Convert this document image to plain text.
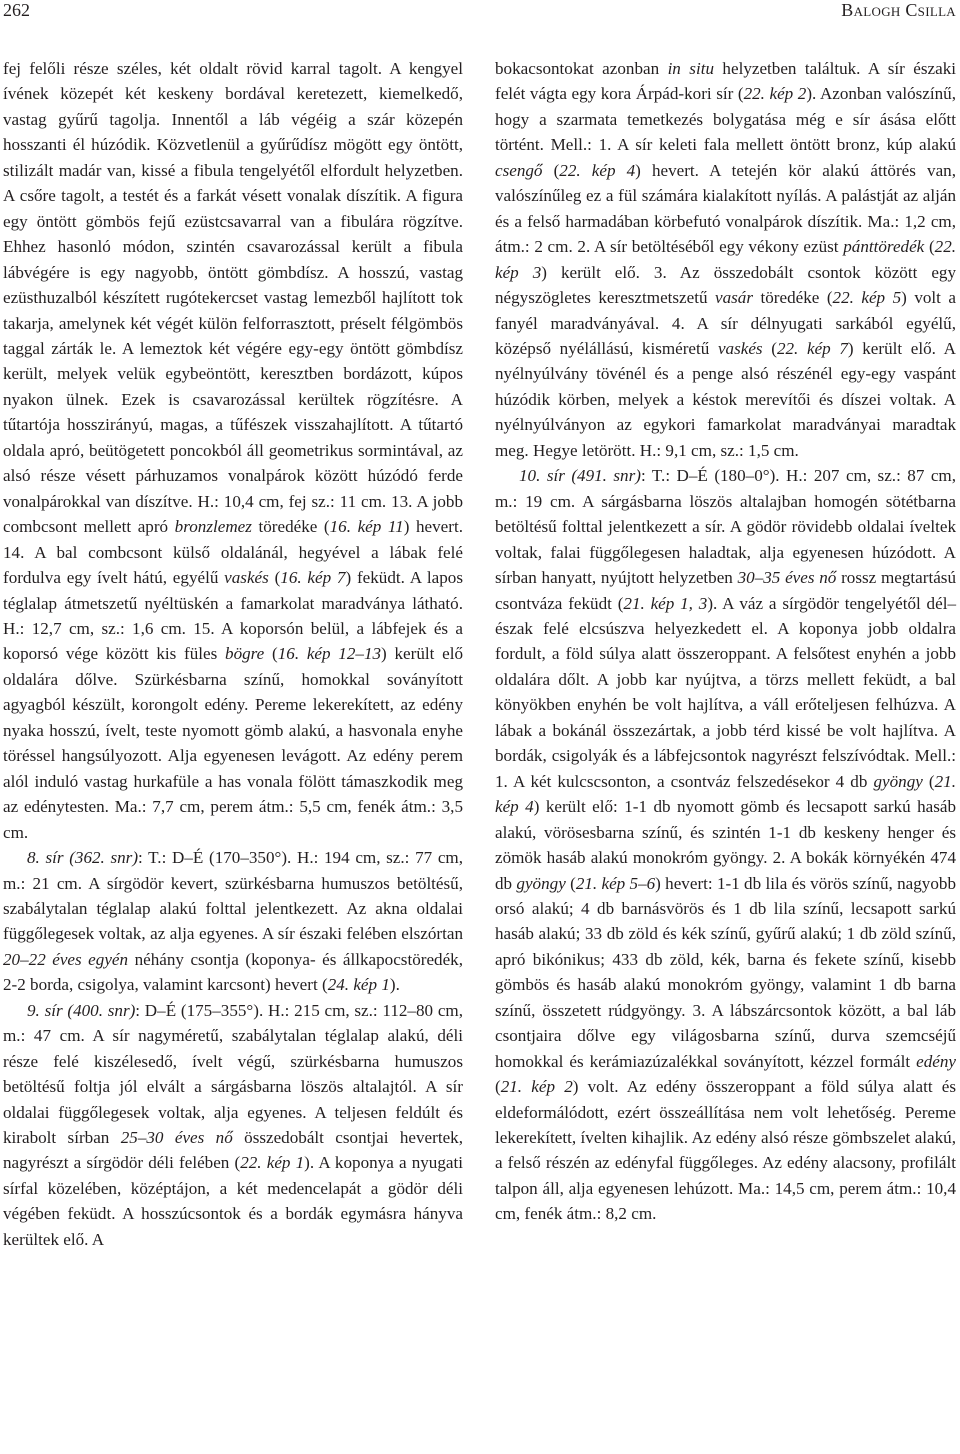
262	Balogh Csilla

fej felőli része széles, két oldalt rövid karral tagolt. A kengyel ívének közepét két keskeny bordával keretezett, kiemelkedő, vastag gyűrű tagolja. Innentől a láb végéig a szár közepén hosszanti él húzódik. Közvetlenül a gyűrűdísz mögött egy öntött, stilizált madár van, kissé a fibula tengelyétől elfordult helyzetben. A csőre tagolt, a testét és a farkát vésett vonalak díszítik. A figura egy öntött gömbös fejű ezüstcsavarral van a fibulára rögzítve. Ehhez hasonló módon, szintén csavarozással került a fibula lábvégére is egy nagyobb, öntött gömbdísz. A hosszú, vastag ezüsthuzalból készített rugótekercset vastag lemezből hajlított tok takarja, amelynek két végét külön felforrasztott, préselt félgömbös taggal zárták le. A lemeztok két végére egy-egy öntött gömbdísz került, melyek velük egybeöntött, keresztben bordázott, kúpos nyakon ülnek. Ezek is csavarozással kerültek rögzítésre. A tűtartója hosszirányú, magas, a tűfészek visszahajlított. A tűtartó oldala apró, beütögetett poncokból áll geometrikus sormintával, az alsó része vésett párhuzamos vonalpárok között húzódó ferde vonalpárokkal van díszítve. H.: 10,4 cm, fej sz.: 11 cm. 13. A jobb combcsont mellett apró bronzlemez töredéke (16. kép 11) hevert. 14. A bal combcsont külső oldalánál, hegyével a lábak felé fordulva egy ívelt hátú, egyélű vaskés (16. kép 7) feküdt. A lapos téglalap átmetszetű nyéltüskén a famarkolat maradványa látható. H.: 12,7 cm, sz.: 1,6 cm. 15. A koporsón belül, a lábfejek és a koporsó vége között kis füles bögre (16. kép 12–13) került elő oldalára dőlve. Szürkésbarna színű, homokkal soványított agyagból készült, korongolt edény. Pereme lekerekített, az edény nyaka hosszú, ívelt, teste nyomott gömb alakú, a hasvonala enyhe töréssel hangsúlyozott. Alja egyenesen levágott. Az edény perem alól induló vastag hurkafüle a has vonala fölött támaszkodik meg az edénytesten. Ma.: 7,7 cm, perem átm.: 5,5 cm, fenék átm.: 3,5 cm.

8. sír (362. snr): T.: D–É (170–350°). H.: 194 cm, sz.: 77 cm, m.: 21 cm. A sírgödör kevert, szürkésbarna humuszos betöltésű, szabálytalan téglalap alakú folttal jelentkezett. Az akna oldalai függőlegesek voltak, az alja egyenes. A sír északi felében elszórtan 20–22 éves egyén néhány csontja (koponya- és állkapocstöredék, 2-2 borda, csigolya, valamint karcsont) hevert (24. kép 1).

9. sír (400. snr): D–É (175–355°). H.: 215 cm, sz.: 112–80 cm, m.: 47 cm. A sír nagyméretű, szabálytalan téglalap alakú, déli része felé kiszélesedő, ívelt végű, szürkésbarna humuszos betöltésű foltja jól elvált a sárgásbarna löszös altalajtól. A sír oldalai függőlegesek voltak, alja egyenes. A teljesen feldúlt és kirabolt sírban 25–30 éves nő összedobált csontjai hevertek, nagyrészt a sírgödör déli felében (22. kép 1). A koponya a nyugati sírfal közelében, középtájon, a két medencelapát a gödör déli végében feküdt. A hosszúcsontok és a bordák egymásra hányva kerültek elő. A

bokacsontokat azonban in situ helyzetben találtuk. A sír északi felét vágta egy kora Árpád-kori sír (22. kép 2). Azonban valószínű, hogy a szarmata temetkezés bolygatása még e sír ásása előtt történt. Mell.: 1. A sír keleti fala mellett öntött bronz, kúp alakú csengő (22. kép 4) hevert. A tetején kör alakú áttörés van, valószínűleg ez a fül számára kialakított nyílás. A palástját az alján és a felső harmadában körbefutó vonalpárok díszítik. Ma.: 1,2 cm, átm.: 2 cm. 2. A sír betöltéséből egy vékony ezüst pánttöredék (22. kép 3) került elő. 3. Az összedobált csontok között egy négyszögletes keresztmetszetű vasár töredéke (22. kép 5) volt a fanyél maradványával. 4. A sír délnyugati sarkából egyélű, középső nyélállású, kisméretű vaskés (22. kép 7) került elő. A nyélnyúlvány tövénél és a penge alsó részénél egy-egy vaspánt húzódik körben, melyek a késtok merevítői és díszei voltak. A nyélnyúlványon az egykori famarkolat maradványai maradtak meg. Hegye letörött. H.: 9,1 cm, sz.: 1,5 cm.

10. sír (491. snr): T.: D–É (180–0°). H.: 207 cm, sz.: 87 cm, m.: 19 cm. A sárgásbarna löszös altalajban homogén sötétbarna betöltésű folttal jelentkezett a sír. A gödör rövidebb oldalai íveltek voltak, falai függőlegesen haladtak, alja egyenesen húzódott. A sírban hanyatt, nyújtott helyzetben 30–35 éves nő rossz megtartású csontváza feküdt (21. kép 1, 3). A váz a sírgödör tengelyétől dél–észak felé elcsúszva helyezkedett el. A koponya jobb oldalra fordult, a föld súlya alatt összeroppant. A felsőtest enyhén a jobb oldalára dőlt. A jobb kar nyújtva, a törzs mellett feküdt, a bal könyökben enyhén be volt hajlítva, a váll erőteljesen felhúzva. A lábak a bokánál összezártak, a jobb térd kissé be volt hajlítva. A bordák, csigolyák és a lábfejcsontok nagyrészt felszívódtak. Mell.: 1. A két kulcscsonton, a csontváz felszedésekor 4 db gyöngy (21. kép 4) került elő: 1-1 db nyomott gömb és lecsapott sarkú hasáb alakú, vörösesbarna színű, és szintén 1-1 db keskeny henger és zömök hasáb alakú monokróm gyöngy. 2. A bokák környékén 474 db gyöngy (21. kép 5–6) hevert: 1-1 db lila és vörös színű, nagyobb orsó alakú; 4 db barnásvörös és 1 db lila színű, lecsapott sarkú hasáb alakú; 33 db zöld és kék színű, gyűrű alakú; 1 db zöld színű, apró bikónikus; 433 db zöld, kék, barna és fekete színű, kisebb gömbös és hasáb alakú monokróm gyöngy, valamint 1 db barna színű, összetett rúdgyöngy. 3. A lábszárcsontok között, a bal láb csontjaira dőlve egy világosbarna színű, durva szemcséjű homokkal és kerámiazúzalékkal soványított, kézzel formált edény (21. kép 2) volt. Az edény összeroppant a föld súlya alatt és eldeformálódott, ezért összeállítása nem volt lehetőség. Pereme lekerekített, ívelten kihajlik. Az edény alsó része gömbszelet alakú, a felső részén az edényfal függőleges. Az edény alacsony, profilált talpon áll, alja egyenesen lehúzott. Ma.: 14,5 cm, perem átm.: 10,4 cm, fenék átm.: 8,2 cm.
